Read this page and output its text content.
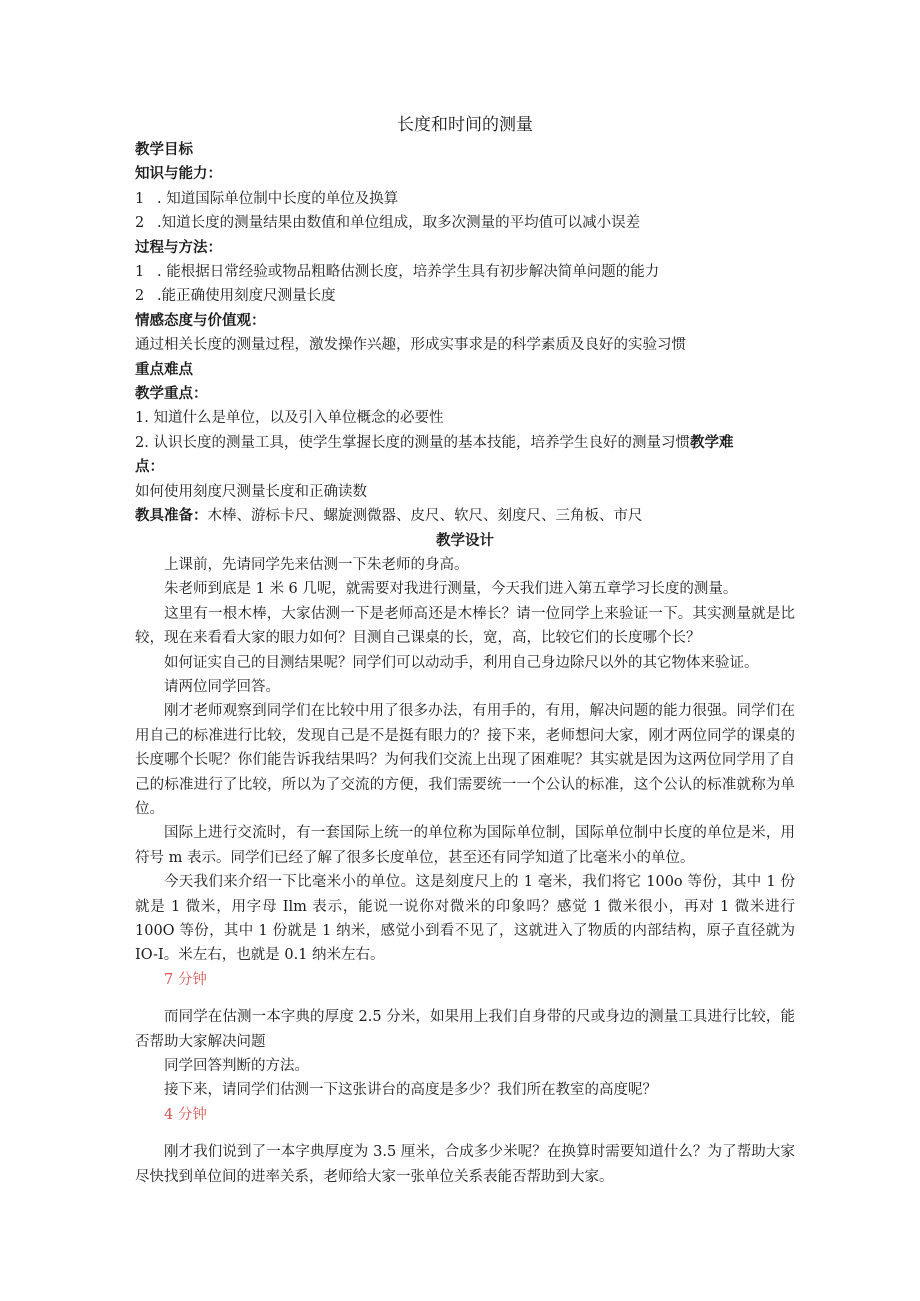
长度和时间的测量
教学目标
知识与能力：
1 . 知道国际单位制中长度的单位及换算
2 .知道长度的测量结果由数值和单位组成，取多次测量的平均值可以减小误差
过程与方法：
1 . 能根据日常经验或物品粗略估测长度，培养学生具有初步解决简单问题的能力
2 .能正确使用刻度尺测量长度
情感态度与价值观：
通过相关长度的测量过程，激发操作兴趣，形成实事求是的科学素质及良好的实验习惯
重点难点
教学重点：
1. 知道什么是单位，以及引入单位概念的必要性
2. 认识长度的测量工具，使学生掌握长度的测量的基本技能，培养学生良好的测量习惯教学难
点：
如何使用刻度尺测量长度和正确读数
教具准备：木棒、游标卡尺、螺旋测微器、皮尺、软尺、刻度尺、三角板、市尺
教学设计
上课前，先请同学先来估测一下朱老师的身高。
朱老师到底是 1 米 6 几呢，就需要对我进行测量，今天我们进入第五章学习长度的测量。
这里有一根木棒，大家估测一下是老师高还是木棒长？请一位同学上来验证一下。其实测量就是比较，现在来看看大家的眼力如何？目测自己课桌的长，宽，高，比较它们的长度哪个长？
如何证实自己的目测结果呢？同学们可以动动手，利用自己身边除尺以外的其它物体来验证。
请两位同学回答。
刚才老师观察到同学们在比较中用了很多办法，有用手的，有用，解决问题的能力很强。同学们在用自己的标准进行比较，发现自己是不是挺有眼力的？接下来，老师想问大家，刚才两位同学的课桌的长度哪个长呢？你们能告诉我结果吗？为何我们交流上出现了困难呢？其实就是因为这两位同学用了自己的标准进行了比较，所以为了交流的方便，我们需要统一一个公认的标准，这个公认的标准就称为单位。
国际上进行交流时，有一套国际上统一的单位称为国际单位制，国际单位制中长度的单位是米，用符号 m 表示。同学们已经了解了很多长度单位，甚至还有同学知道了比毫米小的单位。
今天我们来介绍一下比毫米小的单位。这是刻度尺上的 1 毫米，我们将它 100o 等份，其中 1 份就是 1 微米，用字母 Ilm 表示，能说一说你对微米的印象吗？感觉 1 微米很小，再对 1 微米进行 100O 等份，其中 1 份就是 1 纳米，感觉小到看不见了，这就进入了物质的内部结构，原子直径就为 IO-I。米左右，也就是 0.1 纳米左右。
7 分钟
而同学在估测一本字典的厚度 2.5 分米，如果用上我们自身带的尺或身边的测量工具进行比较，能否帮助大家解决问题
同学回答判断的方法。
接下来，请同学们估测一下这张讲台的高度是多少？我们所在教室的高度呢？
4 分钟
刚才我们说到了一本字典厚度为 3.5 厘米，合成多少米呢？在换算时需要知道什么？为了帮助大家尽快找到单位间的进率关系，老师给大家一张单位关系表能否帮助到大家。
